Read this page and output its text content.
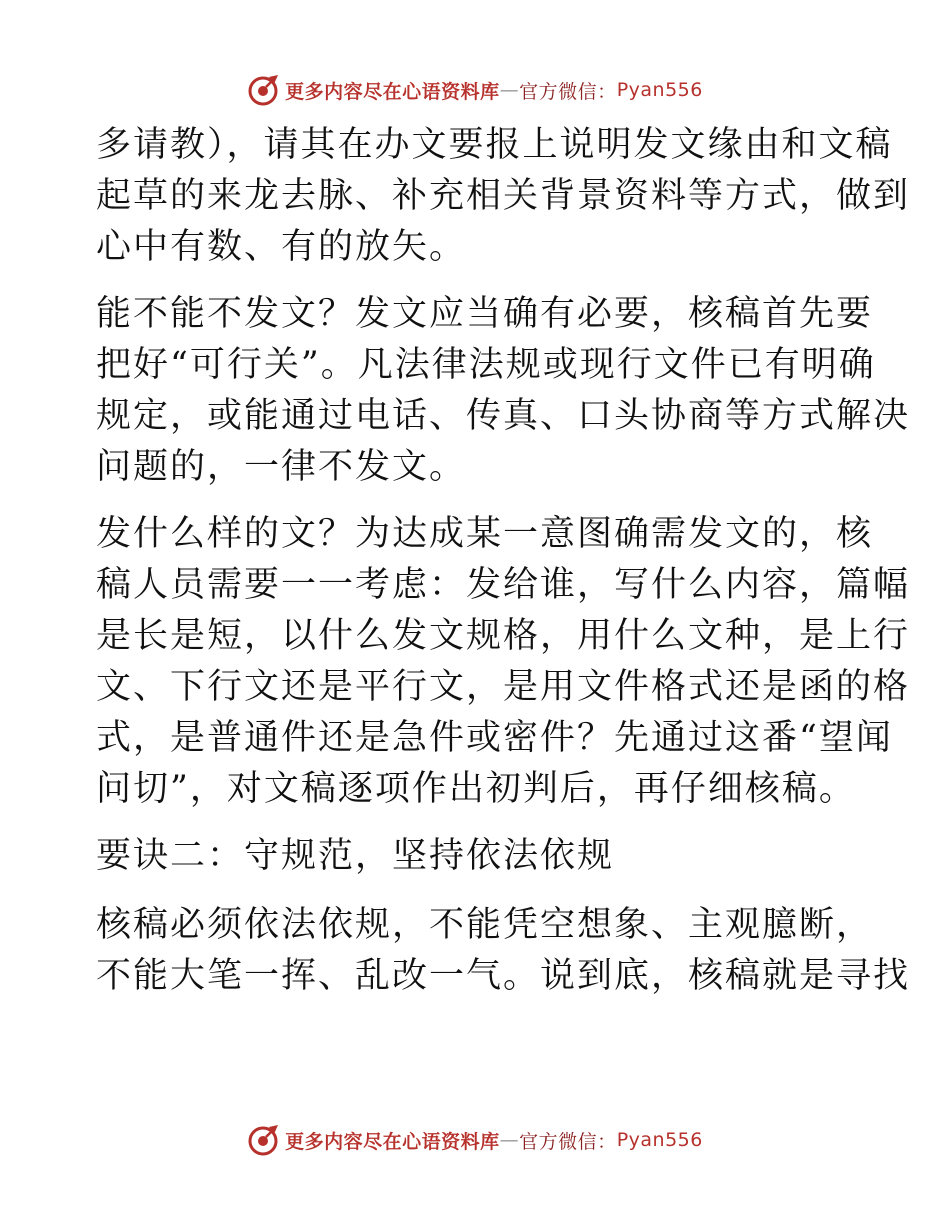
更多内容尽在心语资料库 — 官方微信： Pyan556

多请教），请其在办文要报上说明发文缘由和文稿
起草的来龙去脉、补充相关背景资料等方式，做到
心中有数、有的放矢。

能不能不发文？发文应当确有必要，核稿首先要
把好“可行关”。凡法律法规或现行文件已有明确
规定，或能通过电话、传真、口头协商等方式解决
问题的，一律不发文。

发什么样的文？为达成某一意图确需发文的，核
稿人员需要一一考虑：发给谁，写什么内容，篇幅
是长是短，以什么发文规格，用什么文种，是上行
文、下行文还是平行文，是用文件格式还是函的格
式，是普通件还是急件或密件？先通过这番“望闻
问切”，对文稿逐项作出初判后，再仔细核稿。

要诀二：守规范，坚持依法依规

核稿必须依法依规，不能凭空想象、主观臆断，
不能大笔一挥、乱改一气。说到底，核稿就是寻找

更多内容尽在心语资料库 — 官方微信： Pyan556
